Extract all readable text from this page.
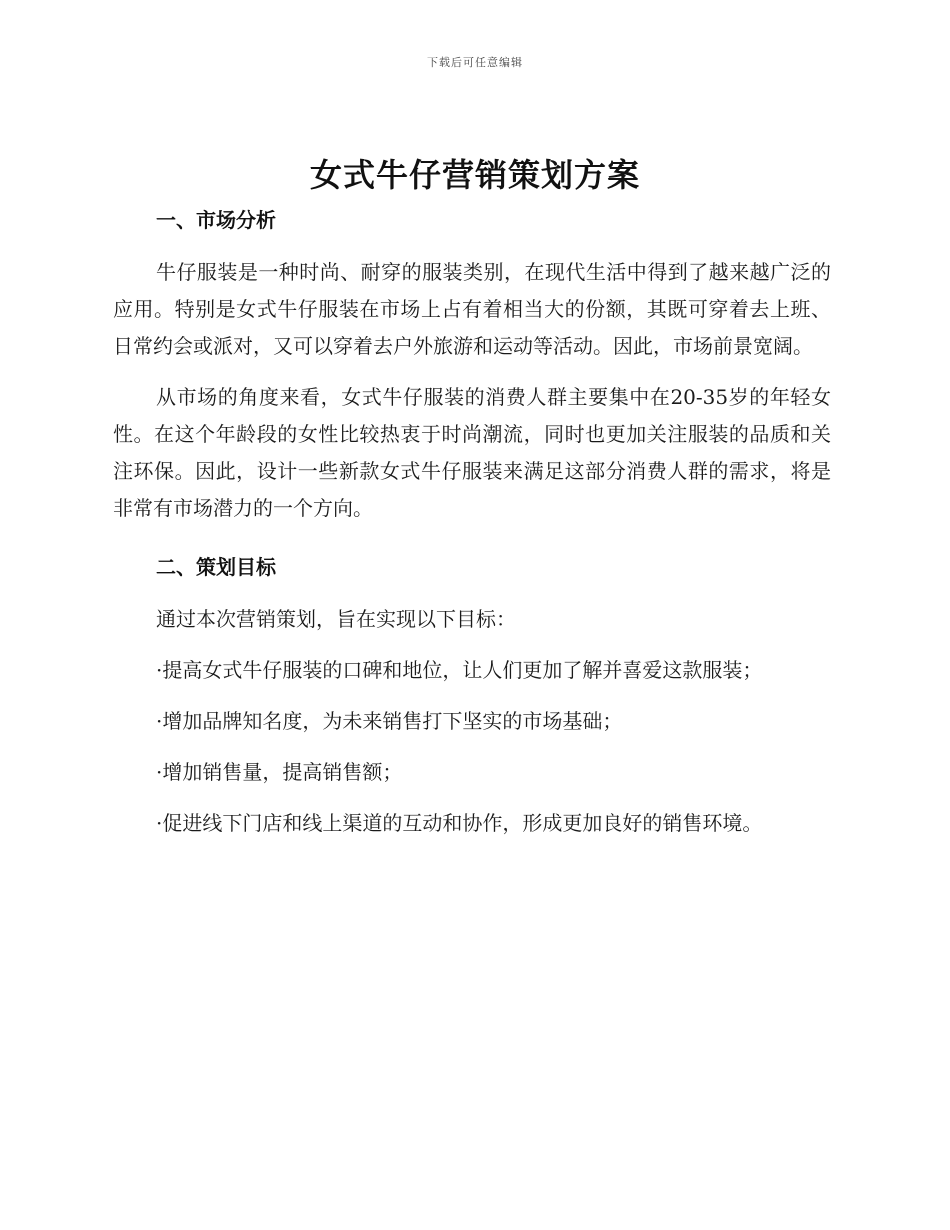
下载后可任意编辑
女式牛仔营销策划方案
一、市场分析

牛仔服装是一种时尚、耐穿的服装类别，在现代生活中得到了越来越广泛的应用。特别是女式牛仔服装在市场上占有着相当大的份额，其既可穿着去上班、日常约会或派对，又可以穿着去户外旅游和运动等活动。因此，市场前景宽阔。

从市场的角度来看，女式牛仔服装的消费人群主要集中在20-35岁的年轻女性。在这个年龄段的女性比较热衷于时尚潮流，同时也更加关注服装的品质和关注环保。因此，设计一些新款女式牛仔服装来满足这部分消费人群的需求，将是非常有市场潜力的一个方向。

二、策划目标

通过本次营销策划，旨在实现以下目标：

·提高女式牛仔服装的口碑和地位，让人们更加了解并喜爱这款服装；

·增加品牌知名度，为未来销售打下坚实的市场基础；

·增加销售量，提高销售额；

·促进线下门店和线上渠道的互动和协作，形成更加良好的销售环境。
